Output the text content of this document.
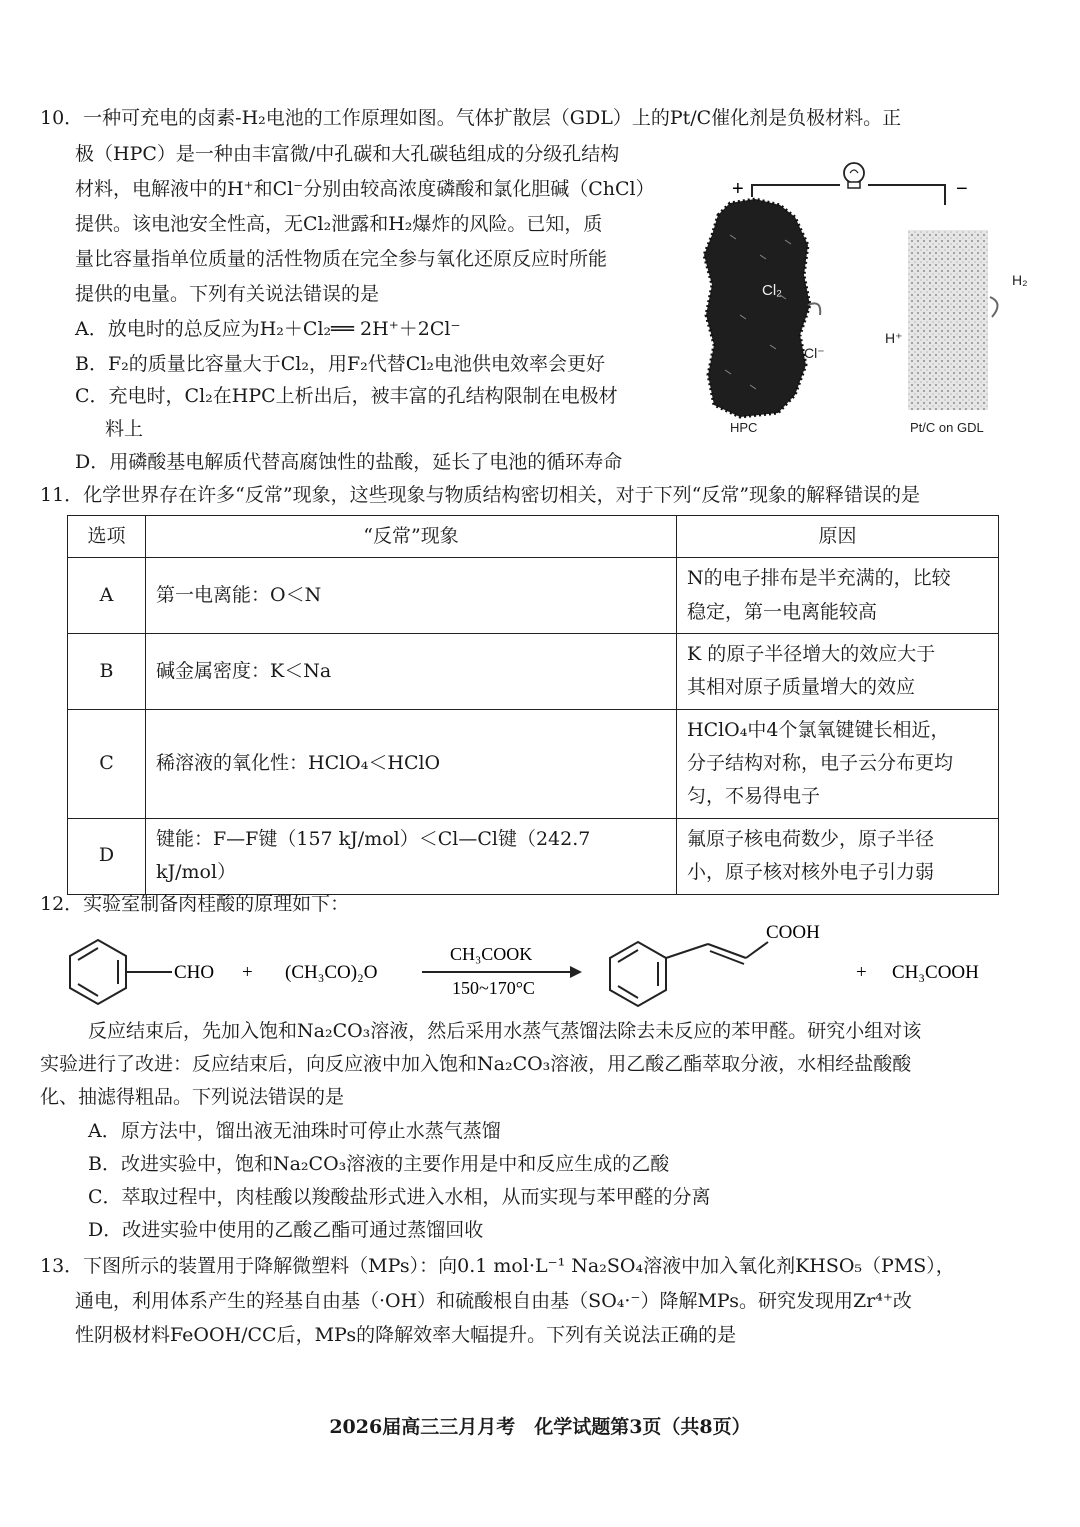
10．一种可充电的卤素-H₂电池的工作原理如图。气体扩散层（GDL）上的Pt/C催化剂是负极材料。正
极（HPC）是一种由丰富微/中孔碳和大孔碳毡组成的分级孔结构
材料，电解液中的H⁺和Cl⁻分别由较高浓度磷酸和氯化胆碱（ChCl）
提供。该电池安全性高，无Cl₂泄露和H₂爆炸的风险。已知，质
量比容量指单位质量的活性物质在完全参与氧化还原反应时所能
提供的电量。下列有关说法错误的是
A．放电时的总反应为H₂＋Cl₂══ 2H⁺＋2Cl⁻
B．F₂的质量比容量大于Cl₂，用F₂代替Cl₂电池供电效率会更好
C．充电时，Cl₂在HPC上析出后，被丰富的孔结构限制在电极材
料上
D．用磷酸基电解质代替高腐蚀性的盐酸，延长了电池的循环寿命
+	−
Cl₂
Cl⁻
H⁺
H₂
HPC	Pt/C on GDL
11．化学世界存在许多“反常”现象，这些现象与物质结构密切相关，对于下列“反常”现象的解释错误的是
选项	“反常”现象	原因
A	第一电离能：O＜N	N的电子排布是半充满的，比较
稳定，第一电离能较高

B	碱金属密度：K＜Na	K 的原子半径增大的效应大于
其相对原子质量增大的效应

C	稀溶液的氧化性：HClO₄＜HClO	HClO₄中4个氯氧键键长相近，
分子结构对称，电子云分布更均
匀，不易得电子

D	键能：F—F键（157 kJ/mol）＜Cl—Cl键（242.7 kJ/mol）	氟原子核电荷数少，原子半径
小，原子核对核外电子引力弱
12．实验室制备肉桂酸的原理如下：
CHO + (CH₃CO)₂O
CH₃COOK
150~170°C
COOH
+ CH₃COOH
反应结束后，先加入饱和Na₂CO₃溶液，然后采用水蒸气蒸馏法除去未反应的苯甲醛。研究小组对该
实验进行了改进：反应结束后，向反应液中加入饱和Na₂CO₃溶液，用乙酸乙酯萃取分液，水相经盐酸酸
化、抽滤得粗品。下列说法错误的是
A．原方法中，馏出液无油珠时可停止水蒸气蒸馏
B．改进实验中，饱和Na₂CO₃溶液的主要作用是中和反应生成的乙酸
C．萃取过程中，肉桂酸以羧酸盐形式进入水相，从而实现与苯甲醛的分离
D．改进实验中使用的乙酸乙酯可通过蒸馏回收
13．下图所示的装置用于降解微塑料（MPs）：向0.1 mol·L⁻¹ Na₂SO₄溶液中加入氧化剂KHSO₅（PMS），
通电，利用体系产生的羟基自由基（·OH）和硫酸根自由基（SO₄·⁻）降解MPs。研究发现用Zr⁴⁺改
性阴极材料FeOOH/CC后，MPs的降解效率大幅提升。下列有关说法正确的是
2026届高三三月月考　化学试题第3页（共8页）
